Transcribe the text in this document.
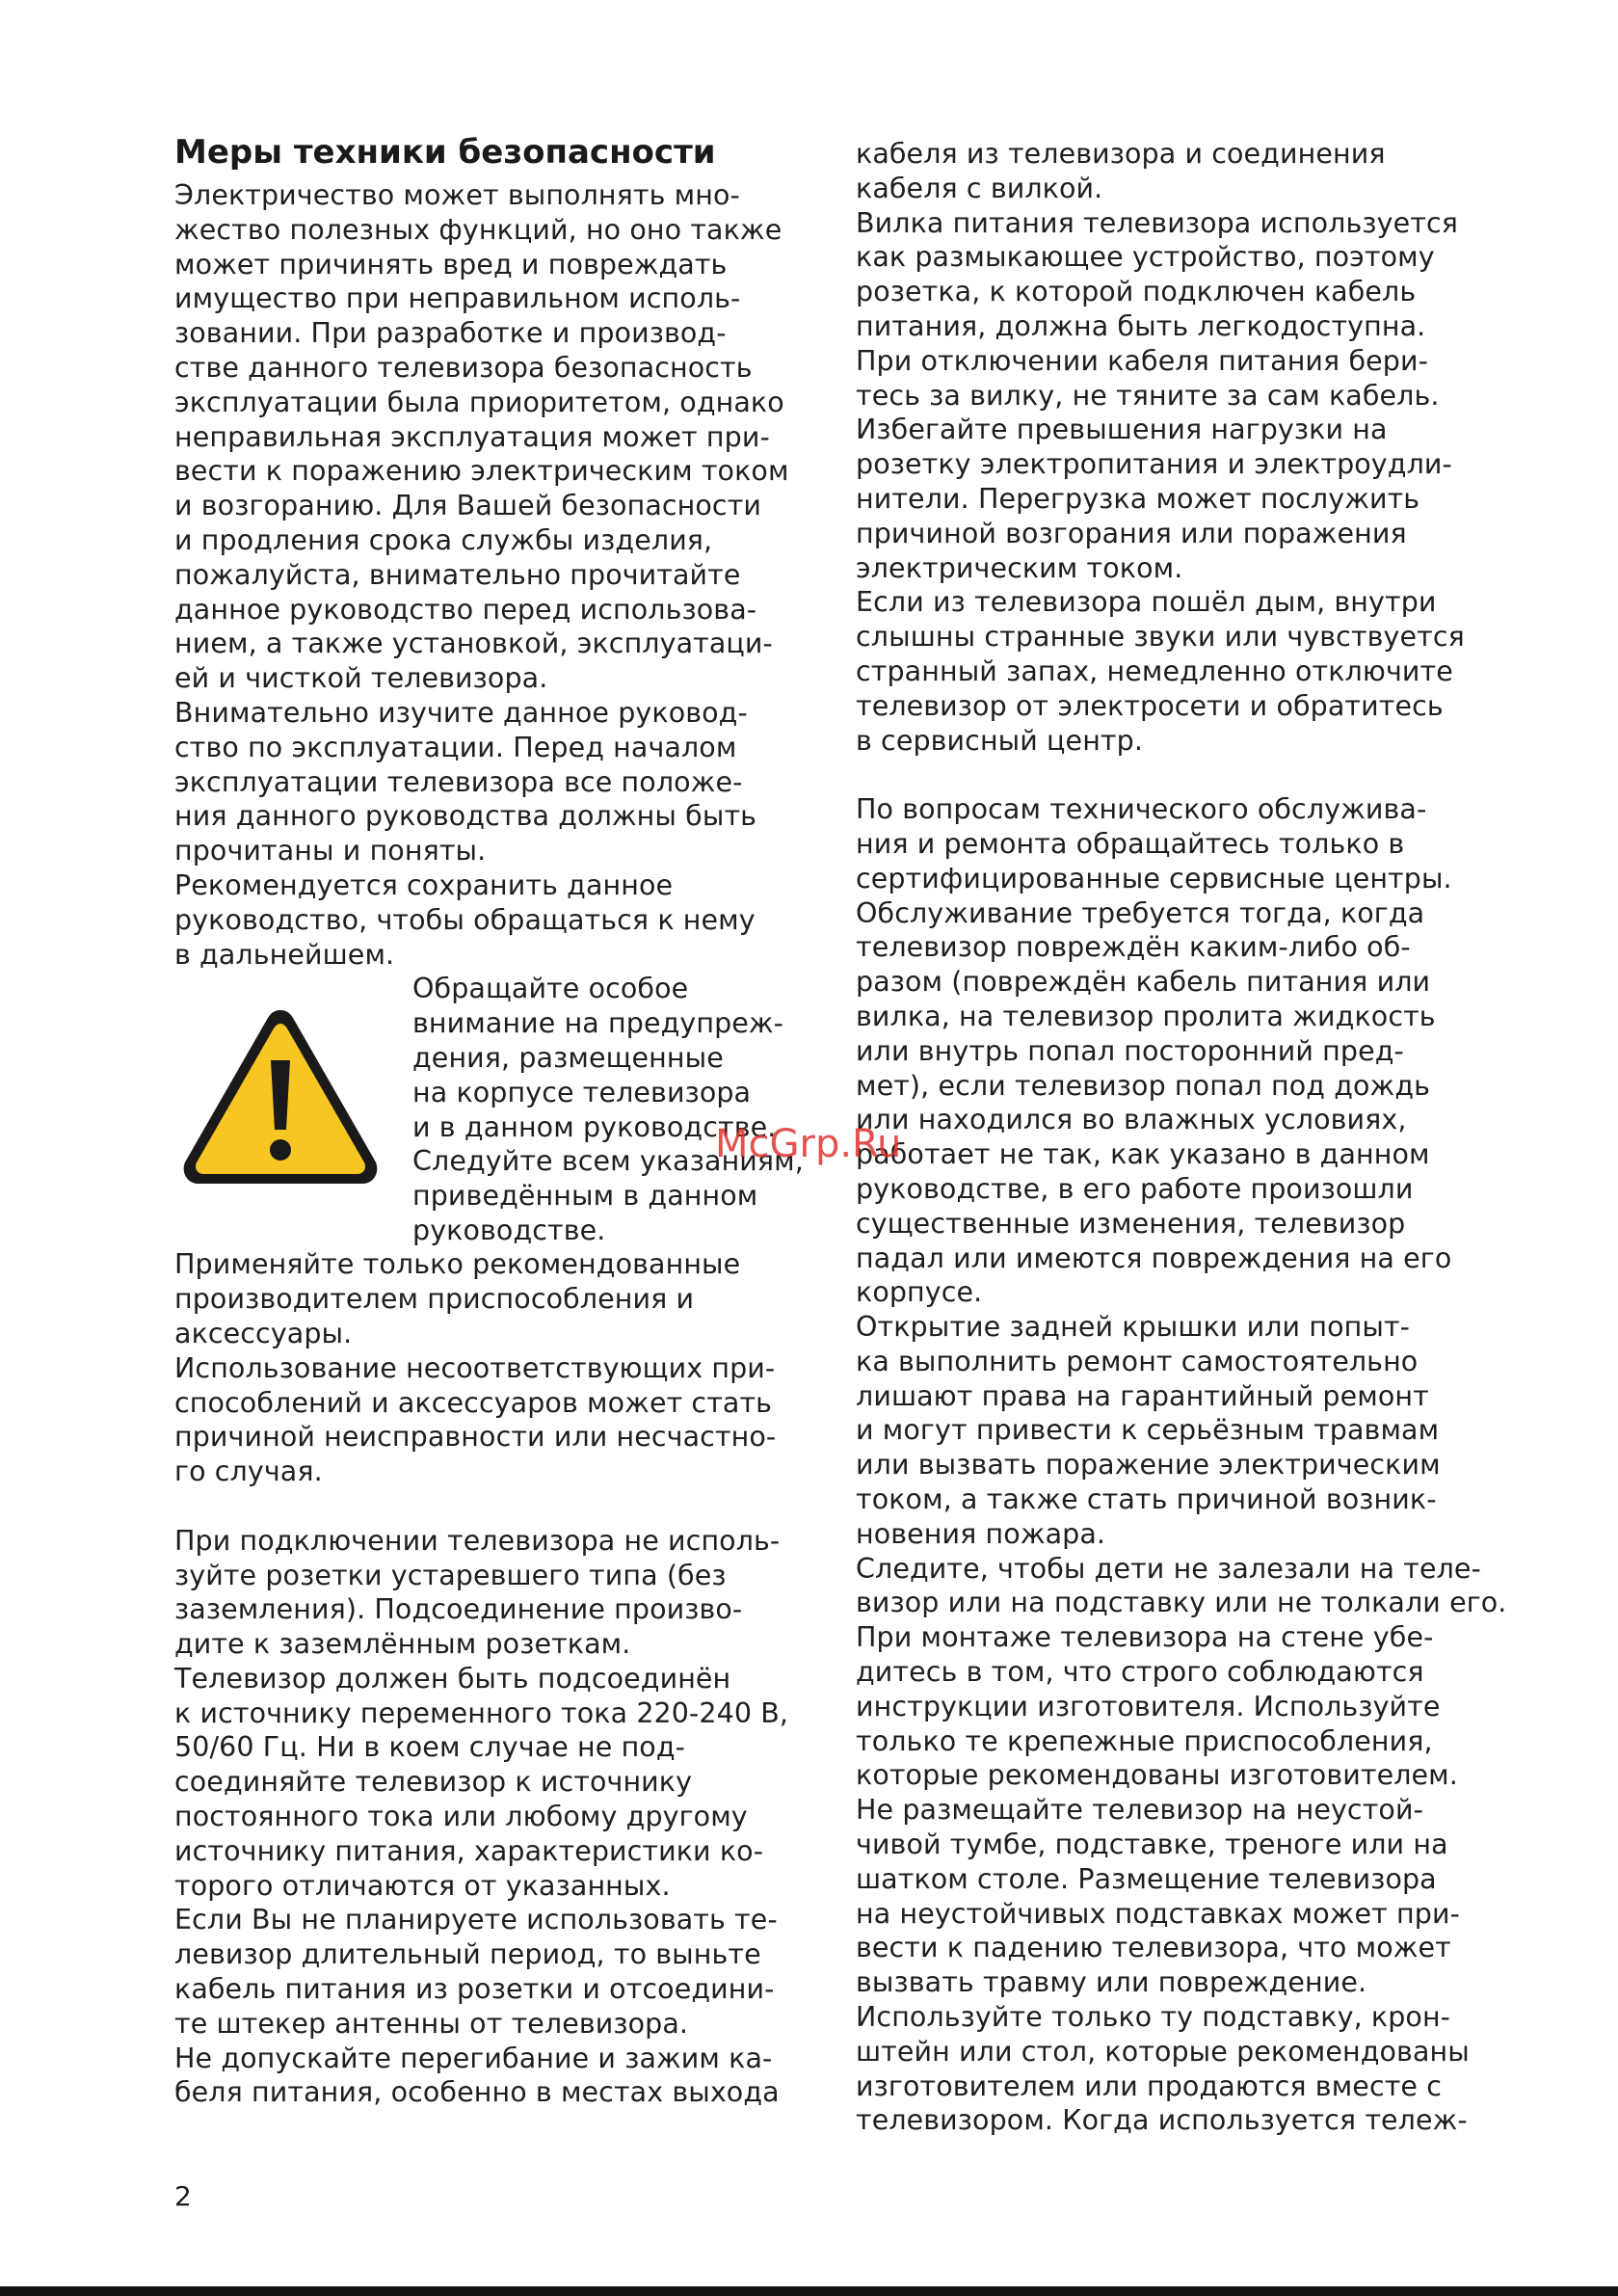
Меры техники безопасности
Электричество может выполнять мно-
жество полезных функций, но оно также
может причинять вред и повреждать
имущество при неправильном исполь-
зовании. При разработке и производ-
стве данного телевизора безопасность
эксплуатации была приоритетом, однако
неправильная эксплуатация может при-
вести к поражению электрическим током
и возгоранию. Для Вашей безопасности
и продления срока службы изделия,
пожалуйста, внимательно прочитайте
данное руководство перед использова-
нием, а также установкой, эксплуатаци-
ей и чисткой телевизора.
Внимательно изучите данное руковод-
ство по эксплуатации. Перед началом
эксплуатации телевизора все положе-
ния данного руководства должны быть
прочитаны и поняты.
Рекомендуется сохранить данное
руководство, чтобы обращаться к нему
в дальнейшем.
Обращайте особое
внимание на предупреж-
дения, размещенные
на корпусе телевизора
и в данном руководстве.
Следуйте всем указаниям,
приведённым в данном
руководстве.
Применяйте только рекомендованные
производителем приспособления и
аксессуары.
Использование несоответствующих при-
способлений и аксессуаров может стать
причиной неисправности или несчастно-
го случая.
При подключении телевизора не исполь-
зуйте розетки устаревшего типа (без
заземления). Подсоединение произво-
дите к заземлённым розеткам.
Телевизор должен быть подсоединён
к источнику переменного тока 220-240 В,
50/60 Гц. Ни в коем случае не под-
соединяйте телевизор к источнику
постоянного тока или любому другому
источнику питания, характеристики ко-
торого отличаются от указанных.
Если Вы не планируете использовать те-
левизор длительный период, то выньте
кабель питания из розетки и отсоедини-
те штекер антенны от телевизора.
Не допускайте перегибание и зажим ка-
беля питания, особенно в местах выхода
кабеля из телевизора и соединения
кабеля с вилкой.
Вилка питания телевизора используется
как размыкающее устройство, поэтому
розетка, к которой подключен кабель
питания, должна быть легкодоступна.
При отключении кабеля питания бери-
тесь за вилку, не тяните за сам кабель.
Избегайте превышения нагрузки на
розетку электропитания и электроудли-
нители. Перегрузка может послужить
причиной возгорания или поражения
электрическим током.
Если из телевизора пошёл дым, внутри
слышны странные звуки или чувствуется
странный запах, немедленно отключите
телевизор от электросети и обратитесь
в сервисный центр.
По вопросам технического обслужива-
ния и ремонта обращайтесь только в
сертифицированные сервисные центры.
Обслуживание требуется тогда, когда
телевизор повреждён каким-либо об-
разом (повреждён кабель питания или
вилка, на телевизор пролита жидкость
или внутрь попал посторонний пред-
мет), если телевизор попал под дождь
или находился во влажных условиях,
работает не так, как указано в данном
руководстве, в его работе произошли
существенные изменения, телевизор
падал или имеются повреждения на его
корпусе.
Открытие задней крышки или попыт-
ка выполнить ремонт самостоятельно
лишают права на гарантийный ремонт
и могут привести к серьёзным травмам
или вызвать поражение электрическим
током, а также стать причиной возник-
новения пожара.
Следите, чтобы дети не залезали на теле-
визор или на подставку или не толкали его.
При монтаже телевизора на стене убе-
дитесь в том, что строго соблюдаются
инструкции изготовителя. Используйте
только те крепежные приспособления,
которые рекомендованы изготовителем.
Не размещайте телевизор на неустой-
чивой тумбе, подставке, треноге или на
шатком столе. Размещение телевизора
на неустойчивых подставках может при-
вести к падению телевизора, что может
вызвать травму или повреждение.
Используйте только ту подставку, крон-
штейн или стол, которые рекомендованы
изготовителем или продаются вместе с
телевизором. Когда используется тележ-
McGrp.Ru
2
